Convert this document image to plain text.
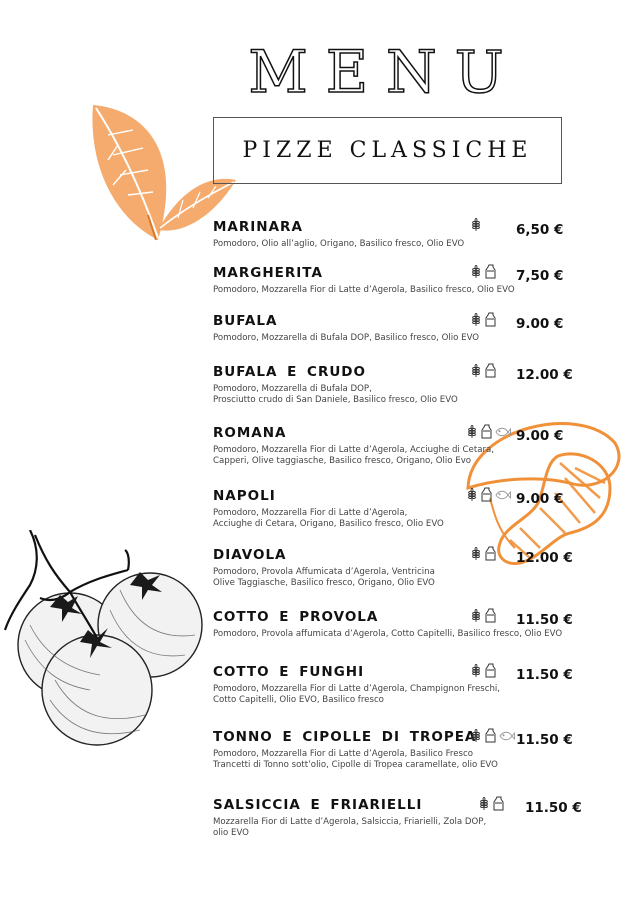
MENU
PIZZE CLASSICHE
MARINARA
Pomodoro, Olio all’aglio, Origano, Basilico fresco, Olio EVO
6,50 €
MARGHERITA
Pomodoro, Mozzarella Fior di Latte d’Agerola, Basilico fresco, Olio EVO
7,50 €
BUFALA
Pomodoro, Mozzarella di Bufala DOP, Basilico fresco, Olio EVO
9.00 €
BUFALA E CRUDO
Pomodoro, Mozzarella di Bufala DOP,
Prosciutto crudo di San Daniele, Basilico fresco, Olio EVO
12.00 €
ROMANA
Pomodoro, Mozzarella Fior di Latte d’Agerola, Acciughe di Cetara,
Capperi, Olive taggiasche, Basilico fresco, Origano, Olio Evo
9.00 €
NAPOLI
Pomodoro, Mozzarella Fior di Latte d’Agerola,
Acciughe di Cetara, Origano, Basilico fresco, Olio EVO
9.00 €
DIAVOLA
Pomodoro, Provola Affumicata d’Agerola, Ventricina
Olive Taggiasche, Basilico fresco, Origano, Olio EVO
12.00 €
COTTO E PROVOLA
Pomodoro, Provola affumicata d’Agerola, Cotto Capitelli, Basilico fresco, Olio EVO
11.50 €
COTTO E FUNGHI
Pomodoro, Mozzarella Fior di Latte d’Agerola, Champignon Freschi,
Cotto Capitelli, Olio EVO, Basilico fresco
11.50 €
TONNO E CIPOLLE DI TROPEA
Pomodoro, Mozzarella Fior di Latte d’Agerola, Basilico Fresco
Trancetti di Tonno sott’olio, Cipolle di Tropea caramellate, olio EVO
11.50 €
SALSICCIA E FRIARIELLI
Mozzarella Fior di Latte d’Agerola, Salsiccia, Friarielli, Zola DOP,
olio EVO
11.50 €
